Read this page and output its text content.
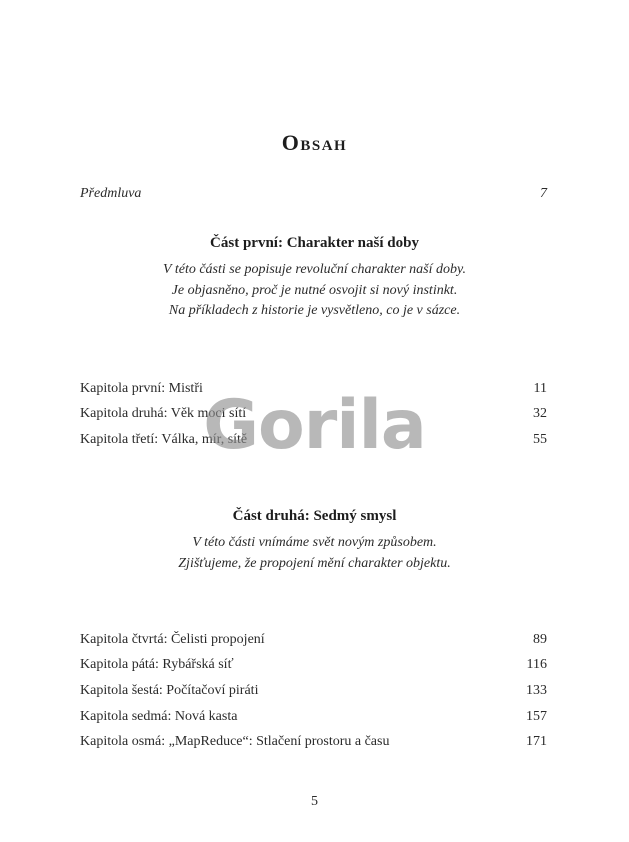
Obsah
Předmluva	7
Část první: Charakter naší doby
V této části se popisuje revoluční charakter naší doby.
Je objasněno, proč je nutné osvojit si nový instinkt.
Na příkladech z historie je vysvětleno, co je v sázce.
Kapitola první: Mistři	11
Kapitola druhá: Věk moci sítí	32
Kapitola třetí: Válka, mír, sítě	55
Část druhá: Sedmý smysl
V této části vnímáme svět novým způsobem.
Zjišťujeme, že propojení mění charakter objektu.
Kapitola čtvrtá: Čelisti propojení	89
Kapitola pátá: Rybářská síť	116
Kapitola šestá: Počítačoví piráti	133
Kapitola sedmá: Nová kasta	157
Kapitola osmá: „MapReduce“: Stlačení prostoru a času	171
Gorila
5
